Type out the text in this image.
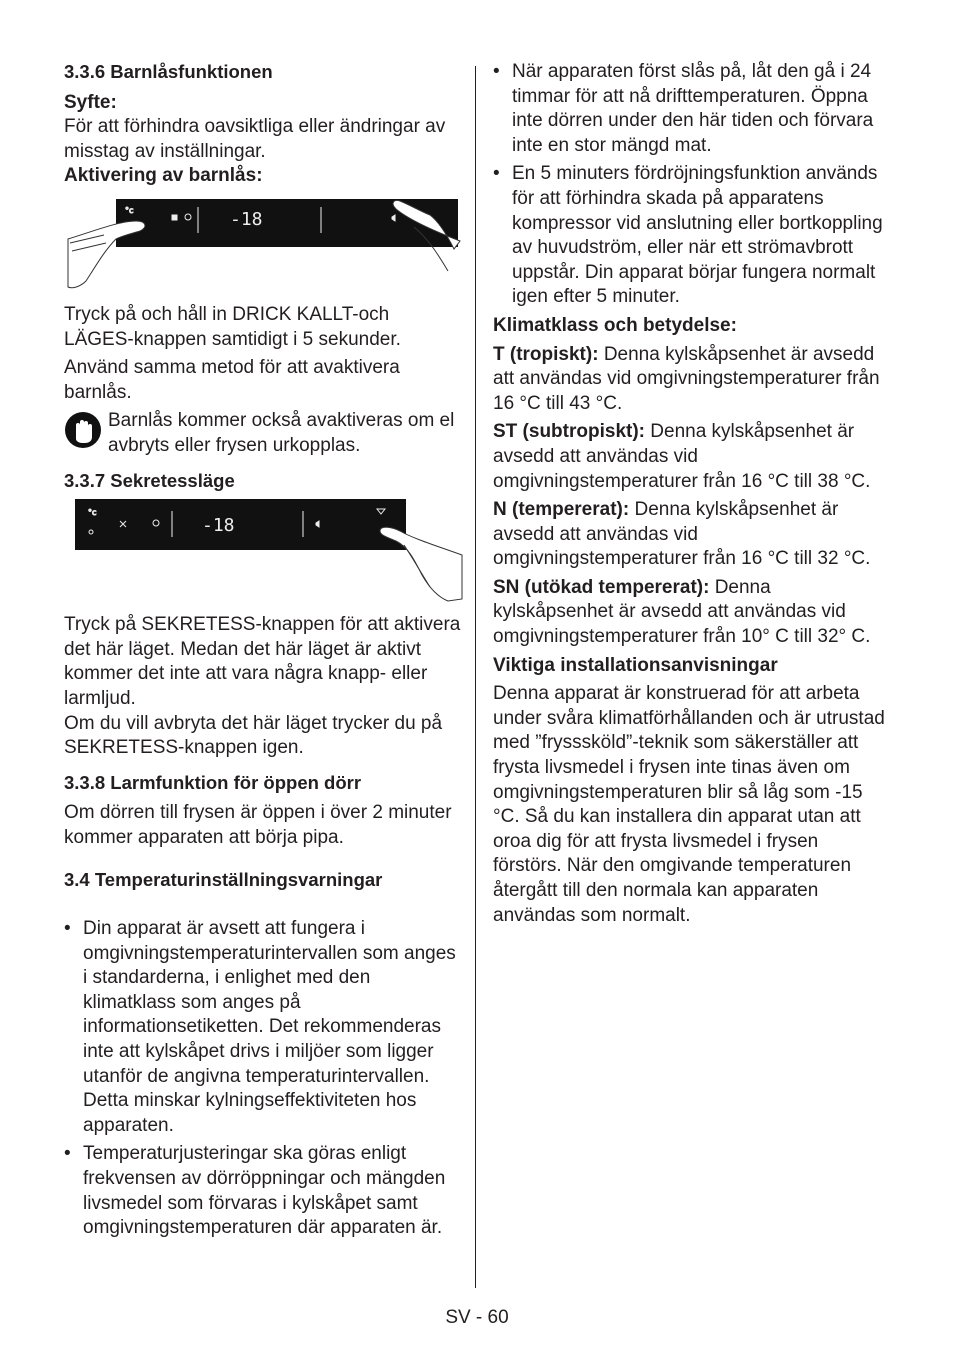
3.3.6 Barnlåsfunktionen

Syfte:

För att förhindra oavsiktliga eller ändringar av misstag av inställningar.

Aktivering av barnlås:

°c	-18

Tryck på och håll in DRICK KALLT-och LÄGES-knappen samtidigt i 5 sekunder.

Använd samma metod för att avaktivera barnlås.

Barnlås kommer också avaktiveras om el avbryts eller frysen urkopplas.

3.3.7 Sekretessläge
°c
-18

Tryck på SEKRETESS-knappen för att aktivera det här läget. Medan det här läget är aktivt kommer det inte att vara några knapp- eller larmljud.

Om du vill avbryta det här läget trycker du på SEKRETESS-knappen igen.

3.3.8 Larmfunktion för öppen dörr

Om dörren till frysen är öppen i över 2 minuter kommer apparaten att börja pipa.

3.4 Temperaturinställningsvarningar
• Din apparat är avsett att fungera i omgivningstemperaturintervallen som anges i standarderna, i enlighet med den klimatklass som anges på informationsetiketten. Det rekommenderas inte att kylskåpet drivs i miljöer som ligger utanför de angivna temperaturintervallen. Detta minskar kylningseffektiviteten hos apparaten.
• Temperaturjusteringar ska göras enligt frekvensen av dörröppningar och mängden livsmedel som förvaras i kylskåpet samt omgivningstemperaturen där apparaten är.
• När apparaten först slås på, låt den gå i 24 timmar för att nå drifttemperaturen. Öppna inte dörren under den här tiden och förvara inte en stor mängd mat.
• En 5 minuters fördröjningsfunktion används för att förhindra skada på apparatens kompressor vid anslutning eller bortkoppling av huvudström, eller när ett strömavbrott uppstår. Din apparat börjar fungera normalt igen efter 5 minuter.

Klimatklass och betydelse:

T (tropiskt): Denna kylskåpsenhet är avsedd att användas vid omgivningstemperaturer från 16 °C till 43 °C.

ST (subtropiskt): Denna kylskåpsenhet är avsedd att användas vid omgivningstemperaturer från 16 °C till 38 °C.

N (tempererat): Denna kylskåpsenhet är avsedd att användas vid omgivningstemperaturer från 16 °C till 32 °C.

SN (utökad tempererat): Denna kylskåpsenhet är avsedd att användas vid omgivningstemperaturer från 10° C till 32° C.

Viktiga installationsanvisningar

Denna apparat är konstruerad för att arbeta under svåra klimatförhållanden och är utrustad med ”frysssköld”-teknik som säkerställer att frysta livsmedel i frysen inte tinas även om omgivningstemperaturen blir så låg som -15 °C. Så du kan installera din apparat utan att oroa dig för att frysta livsmedel i frysen förstörs. När den omgivande temperaturen återgått till den normala kan apparaten användas som normalt.

SV - 60
